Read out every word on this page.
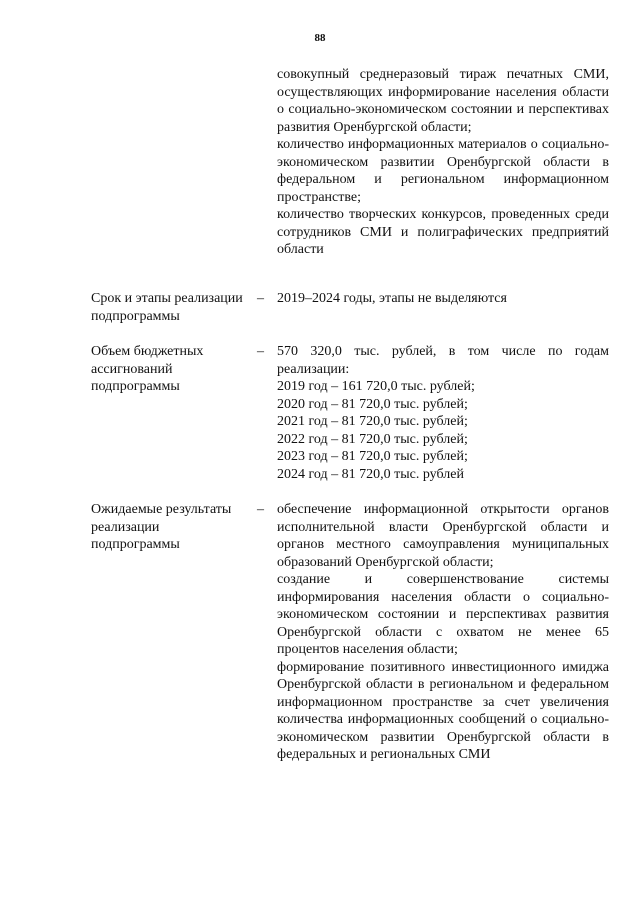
88

совокупный среднеразовый тираж печатных СМИ, осуществляющих информирование населения области о социально-экономическом состоянии и перспективах развития Оренбургской области;

количество информационных материалов о социально-экономическом развитии Оренбургской области в федеральном и региональном информационном пространстве;

количество творческих конкурсов, проведенных среди сотрудников СМИ и полиграфических предприятий области

Срок и этапы реализации подпрограммы
– 2019–2024 годы, этапы не выделяются

Объем бюджетных ассигнований подпрограммы
– 570 320,0 тыс. рублей, в том числе по годам реализации:

2019 год – 161 720,0 тыс. рублей;

2020 год – 81 720,0 тыс. рублей;

2021 год – 81 720,0 тыс. рублей;

2022 год – 81 720,0 тыс. рублей;

2023 год – 81 720,0 тыс. рублей;

2024 год – 81 720,0 тыс. рублей

Ожидаемые результаты реализации подпрограммы
– обеспечение информационной открытости органов исполнительной власти Оренбургской области и органов местного самоуправления муниципальных образований Оренбургской области;

создание и совершенствование системы информирования населения области о социально-экономическом состоянии и перспективах развития Оренбургской области с охватом не менее 65 процентов населения области;

формирование позитивного инвестиционного имиджа Оренбургской области в региональном и федеральном информационном пространстве за счет увеличения количества информационных сообщений о социально-экономическом развитии Оренбургской области в федеральных и региональных СМИ
